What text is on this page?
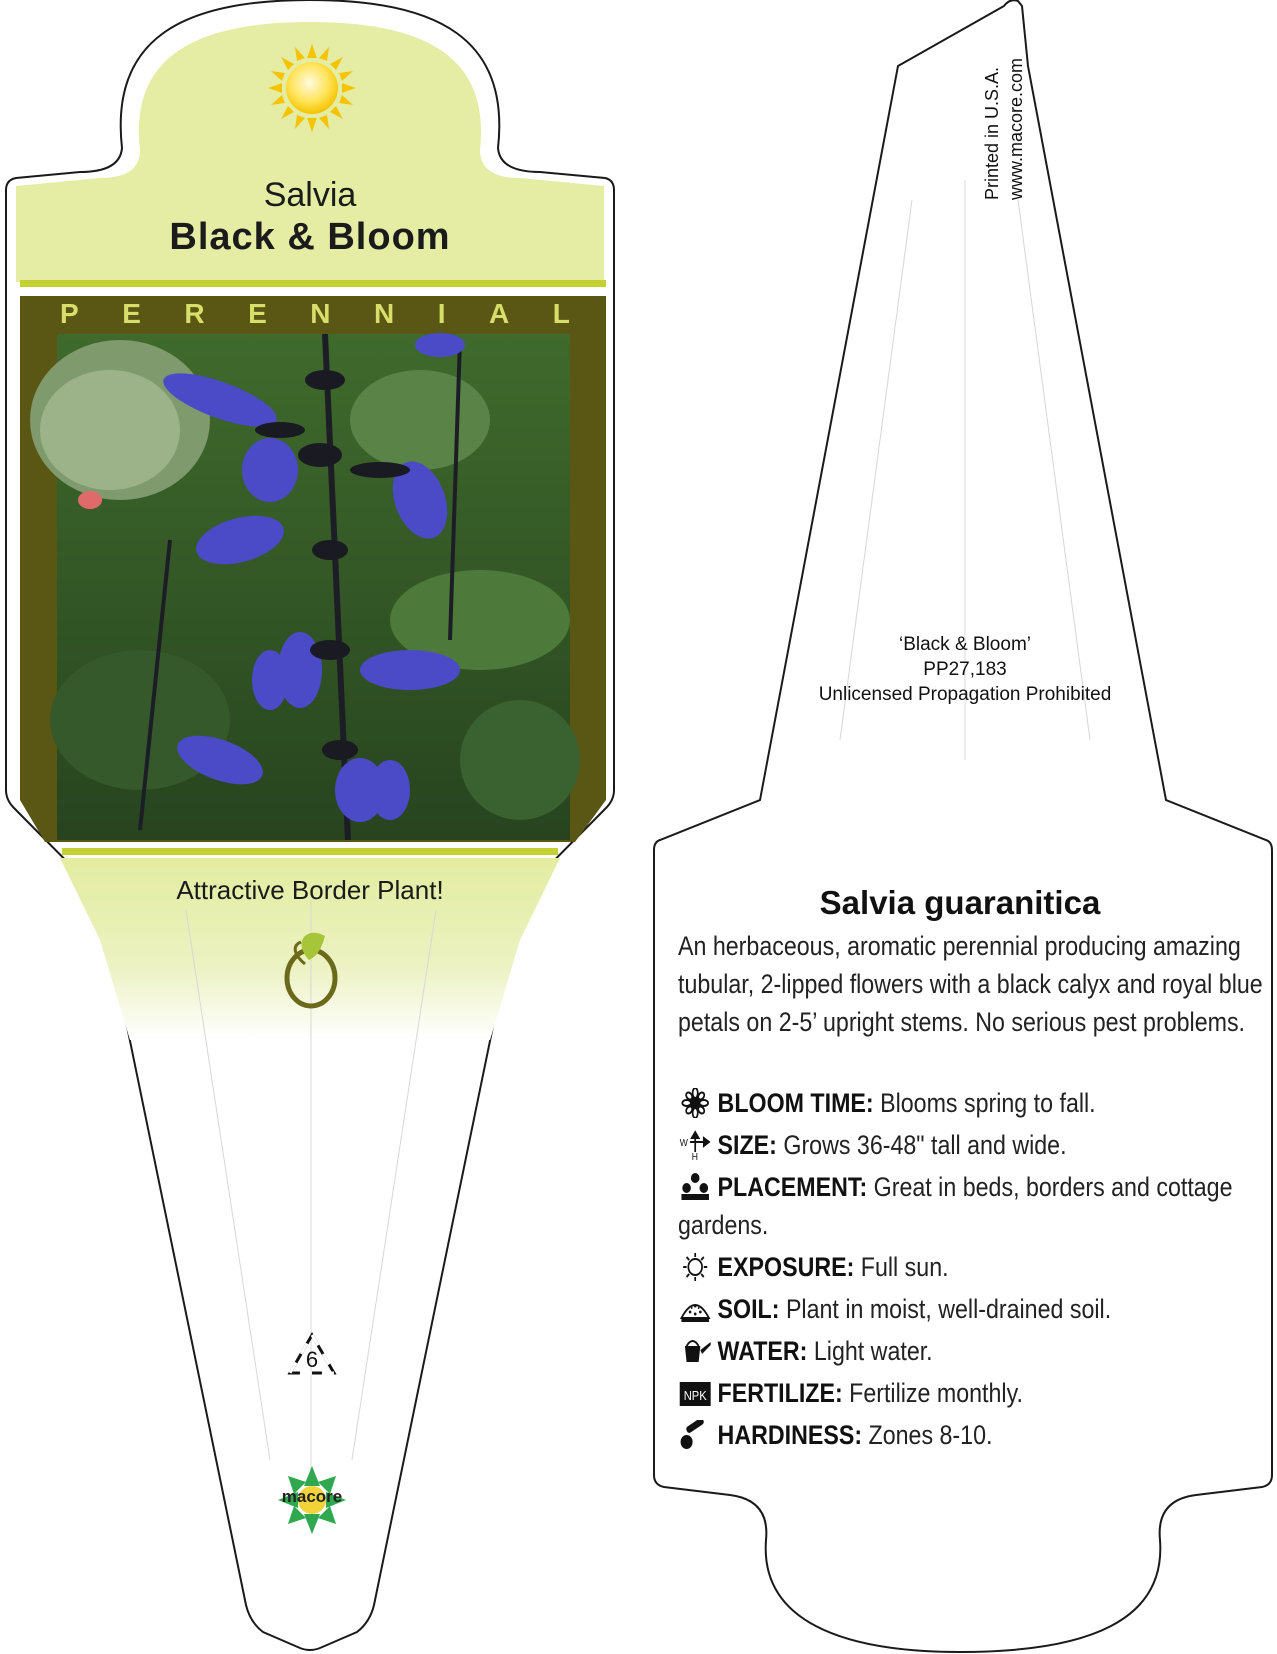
Salvia
Black & Bloom
P E R E N N I A L
Attractive Border Plant!
6
macore
Printed in U.S.A. www.macore.com
‘Black & Bloom’
PP27,183
Unlicensed Propagation Prohibited
Salvia guaranitica
An herbaceous, aromatic perennial producing amazing tubular, 2-lipped flowers with a black calyx and royal blue petals on 2-5’ upright stems. No serious pest problems.
BLOOM TIME: Blooms spring to fall.
W
H SIZE: Grows 36-48" tall and wide.
PLACEMENT: Great in beds, borders and cottage
gardens.
EXPOSURE: Full sun.
SOIL: Plant in moist, well-drained soil.
WATER: Light water.
NPK FERTILIZE: Fertilize monthly.
HARDINESS: Zones 8-10.
